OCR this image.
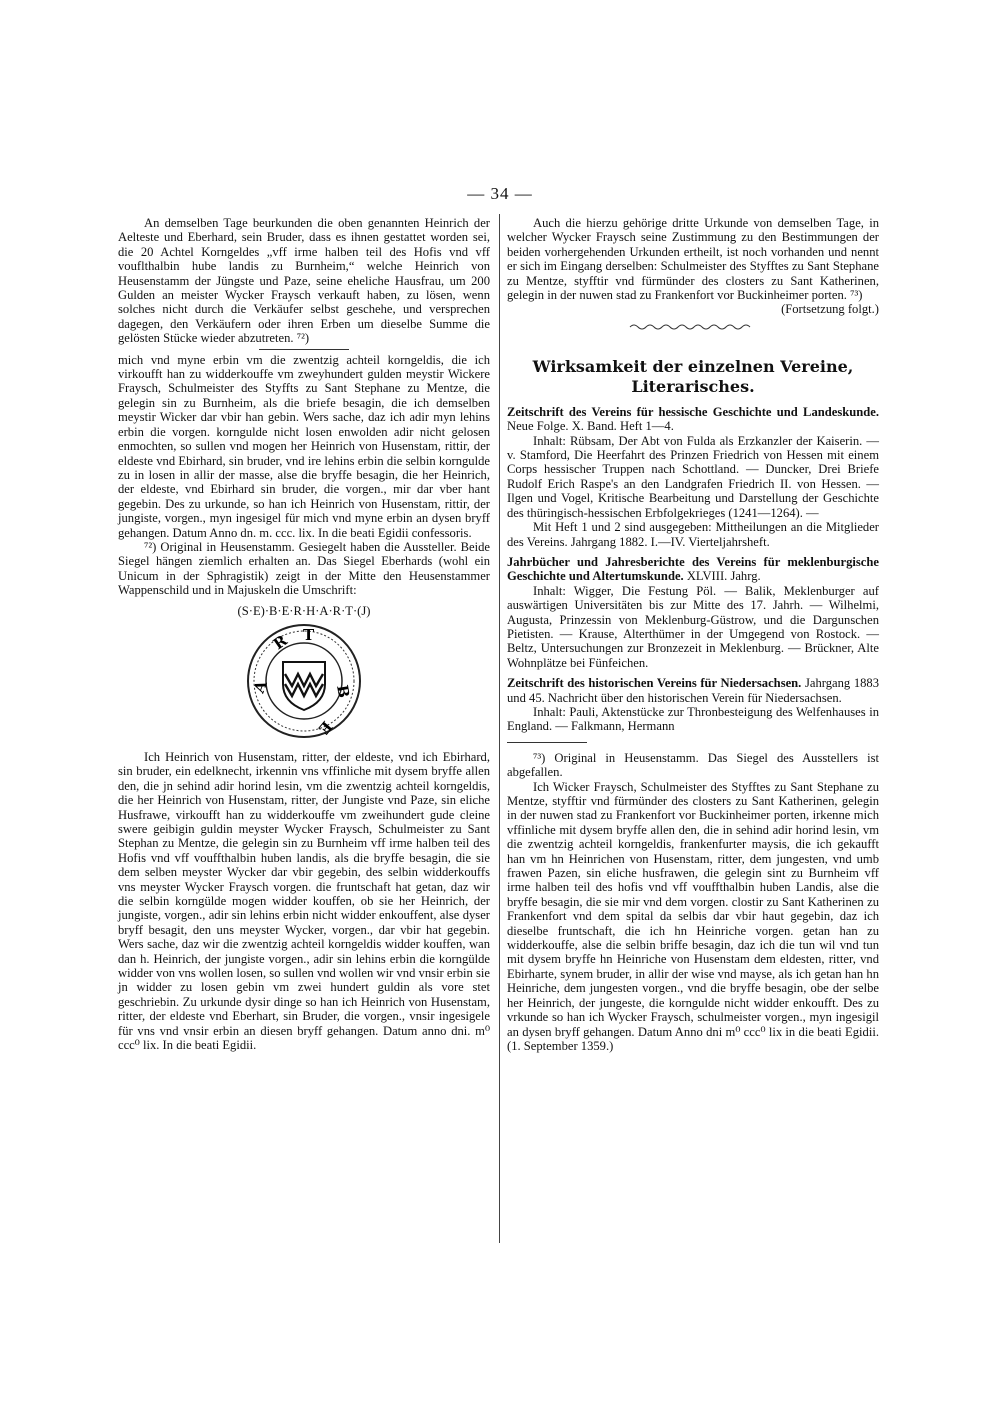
— 34 —

An demselben Tage beurkunden die oben genannten Heinrich der Aelteste und Eberhard, sein Bruder, dass es ihnen gestattet worden sei, die 20 Achtel Korngeldes „vff irme halben teil des Hofis vnd vff vouflthalbin hube landis zu Burnheim,“ welche Heinrich von Heusenstamm der Jüngste und Paze, seine eheliche Hausfrau, um 200 Gulden an meister Wycker Fraysch verkauft haben, zu lösen, wenn solches nicht durch die Verkäufer selbst geschehe, und versprechen dagegen, den Verkäufern oder ihren Erben um dieselbe Summe die gelösten Stücke wieder abzutreten. ⁷²)

mich vnd myne erbin vm die zwentzig achteil korngeldis, die ich virkoufft han zu widderkouffe vm zweyhundert gulden meystir Wickere Fraysch, Schulmeister des Styffts zu Sant Stephane zu Mentze, die gelegin sin zu Burnheim, als die briefe besagin, die ich demselben meystir Wicker dar vbir han gebin. Wers sache, daz ich adir myn lehins erbin die vorgen. korngulde nicht losen enwolden adir nicht gelosen enmochten, so sullen vnd mogen her Heinrich von Husenstam, rittir, der eldeste vnd Ebirhard, sin bruder, vnd ire lehins erbin die selbin korngulde zu in losen in allir der masse, alse die bryffe besagin, die her Heinrich, der eldeste, vnd Ebirhard sin bruder, die vorgen., mir dar vber hant gegebin. Des zu urkunde, so han ich Heinrich von Husenstam, rittir, der jungiste, vorgen., myn ingesigel für mich vnd myne erbin an dysen bryff gehangen. Datum Anno dn. m. ccc. lix. In die beati Egidii confessoris.

⁷²) Original in Heusenstamm. Gesiegelt haben die Aussteller. Beide Siegel hängen ziemlich erhalten an. Das Siegel Eberhards (wohl ein Unicum in der Sphragistik) zeigt in der Mitte den Heusenstammer Wappenschild und in Majuskeln die Umschrift:

(S·E)·B·E·R·H·A·R·T·(J)
A
R T
B
E

Ich Heinrich von Husenstam, ritter, der eldeste, vnd ich Ebirhard, sin bruder, ein edelknecht, irkennin vns vffinliche mit dysem bryffe allen den, die jn sehind adir horind lesin, vm die zwentzig achteil korngeldis, die her Heinrich von Husenstam, ritter, der Jungiste vnd Paze, sin eliche Husfrawe, virkoufft han zu widderkouffe vm zweihundert gude cleine swere geibigin guldin meyster Wycker Fraysch, Schulmeister zu Sant Stephan zu Mentze, die gelegin sin zu Burnheim vff irme halben teil des Hofis vnd vff vouffthalbin huben landis, als die bryffe besagin, die sie dem selben meyster Wycker dar vbir gegebin, des selbin widderkouffs vns meyster Wycker Fraysch vorgen. die fruntschaft hat getan, daz wir die selbin korngülde mogen widder kouffen, ob sie her Heinrich, der jungiste, vorgen., adir sin lehins erbin nicht widder enkouffent, alse dyser bryff besagit, den uns meyster Wycker, vorgen., dar vbir hat gegebin. Wers sache, daz wir die zwentzig achteil korngeldis widder kouffen, wan dan h. Heinrich, der jungiste vorgen., adir sin lehins erbin die korngülde widder von vns wollen losen, so sullen vnd wollen wir vnd vnsir erbin sie jn widder zu losen gebin vm zwei hundert guldin als vore stet geschriebin. Zu urkunde dysir dinge so han ich Heinrich von Husenstam, ritter, der eldeste vnd Eberhart, sin Bruder, die vorgen., vnsir ingesigele für vns vnd vnsir erbin an diesen bryff gehangen. Datum anno dni. m⁰ ccc⁰ lix. In die beati Egidii.

Auch die hierzu gehörige dritte Urkunde von demselben Tage, in welcher Wycker Fraysch seine Zustimmung zu den Bestimmungen der beiden vorhergehenden Urkunden ertheilt, ist noch vorhanden und nennt er sich im Eingang derselben: Schulmeister des Styfftes zu Sant Stephane zu Mentze, styfftir vnd fürmünder des closters zu Sant Katherinen, gelegin in der nuwen stad zu Frankenfort vor Buckinheimer porten. ⁷³)

(Fortsetzung folgt.)

Wirksamkeit der einzelnen Vereine, Literarisches.

Zeitschrift des Vereins für hessische Geschichte und Landeskunde. Neue Folge. X. Band. Heft 1—4.

Inhalt: Rübsam, Der Abt von Fulda als Erzkanzler der Kaiserin. — v. Stamford, Die Heerfahrt des Prinzen Friedrich von Hessen mit einem Corps hessischer Truppen nach Schottland. — Duncker, Drei Briefe Rudolf Erich Raspe's an den Landgrafen Friedrich II. von Hessen. — Ilgen und Vogel, Kritische Bearbeitung und Darstellung der Geschichte des thüringisch-hessischen Erbfolgekrieges (1241—1264). —

Mit Heft 1 und 2 sind ausgegeben: Mittheilungen an die Mitglieder des Vereins. Jahrgang 1882. I.—IV. Vierteljahrsheft.

Jahrbücher und Jahresberichte des Vereins für meklenburgische Geschichte und Altertumskunde. XLVIII. Jahrg.

Inhalt: Wigger, Die Festung Pöl. — Balik, Meklenburger auf auswärtigen Universitäten bis zur Mitte des 17. Jahrh. — Wilhelmi, Augusta, Prinzessin von Meklenburg-Güstrow, und die Dargunschen Pietisten. — Krause, Alterthümer in der Umgegend von Rostock. — Beltz, Untersuchungen zur Bronzezeit in Meklenburg. — Brückner, Alte Wohnplätze bei Fünfeichen.

Zeitschrift des historischen Vereins für Niedersachsen. Jahrgang 1883 und 45. Nachricht über den historischen Verein für Niedersachsen.

Inhalt: Pauli, Aktenstücke zur Thronbesteigung des Welfenhauses in England. — Falkmann, Hermann

⁷³) Original in Heusenstamm. Das Siegel des Ausstellers ist abgefallen.

Ich Wicker Fraysch, Schulmeister des Styfftes zu Sant Stephane zu Mentze, styfftir vnd fürmünder des closters zu Sant Katherinen, gelegin in der nuwen stad zu Frankenfort vor Buckinheimer porten, irkenne mich vffinliche mit dysem bryffe allen den, die in sehind adir horind lesin, vm die zwentzig achteil korngeldis, frankenfurter maysis, die ich gekaufft han vm hn Heinrichen von Husenstam, ritter, dem jungesten, vnd umb frawen Pazen, sin eliche husfrawen, die gelegin sint zu Burnheim vff irme halben teil des hofis vnd vff vouffthalbin huben Landis, alse die bryffe besagin, die sie mir vnd dem vorgen. clostir zu Sant Katherinen zu Frankenfort vnd dem spital da selbis dar vbir haut gegebin, daz ich dieselbe fruntschaft, die ich hn Heinriche vorgen. getan han zu widderkouffe, alse die selbin briffe besagin, daz ich die tun wil vnd tun mit dysem bryffe hn Heinriche von Husenstam dem eldesten, ritter, vnd Ebirharte, synem bruder, in allir der wise vnd mayse, als ich getan han hn Heinriche, dem jungesten vorgen., vnd die bryffe besagin, obe der selbe her Heinrich, der jungeste, die korngulde nicht widder enkoufft. Des zu vrkunde so han ich Wycker Fraysch, schulmeister vorgen., myn ingesigil an dysen bryff gehangen. Datum Anno dni m⁰ ccc⁰ lix in die beati Egidii. (1. September 1359.)
